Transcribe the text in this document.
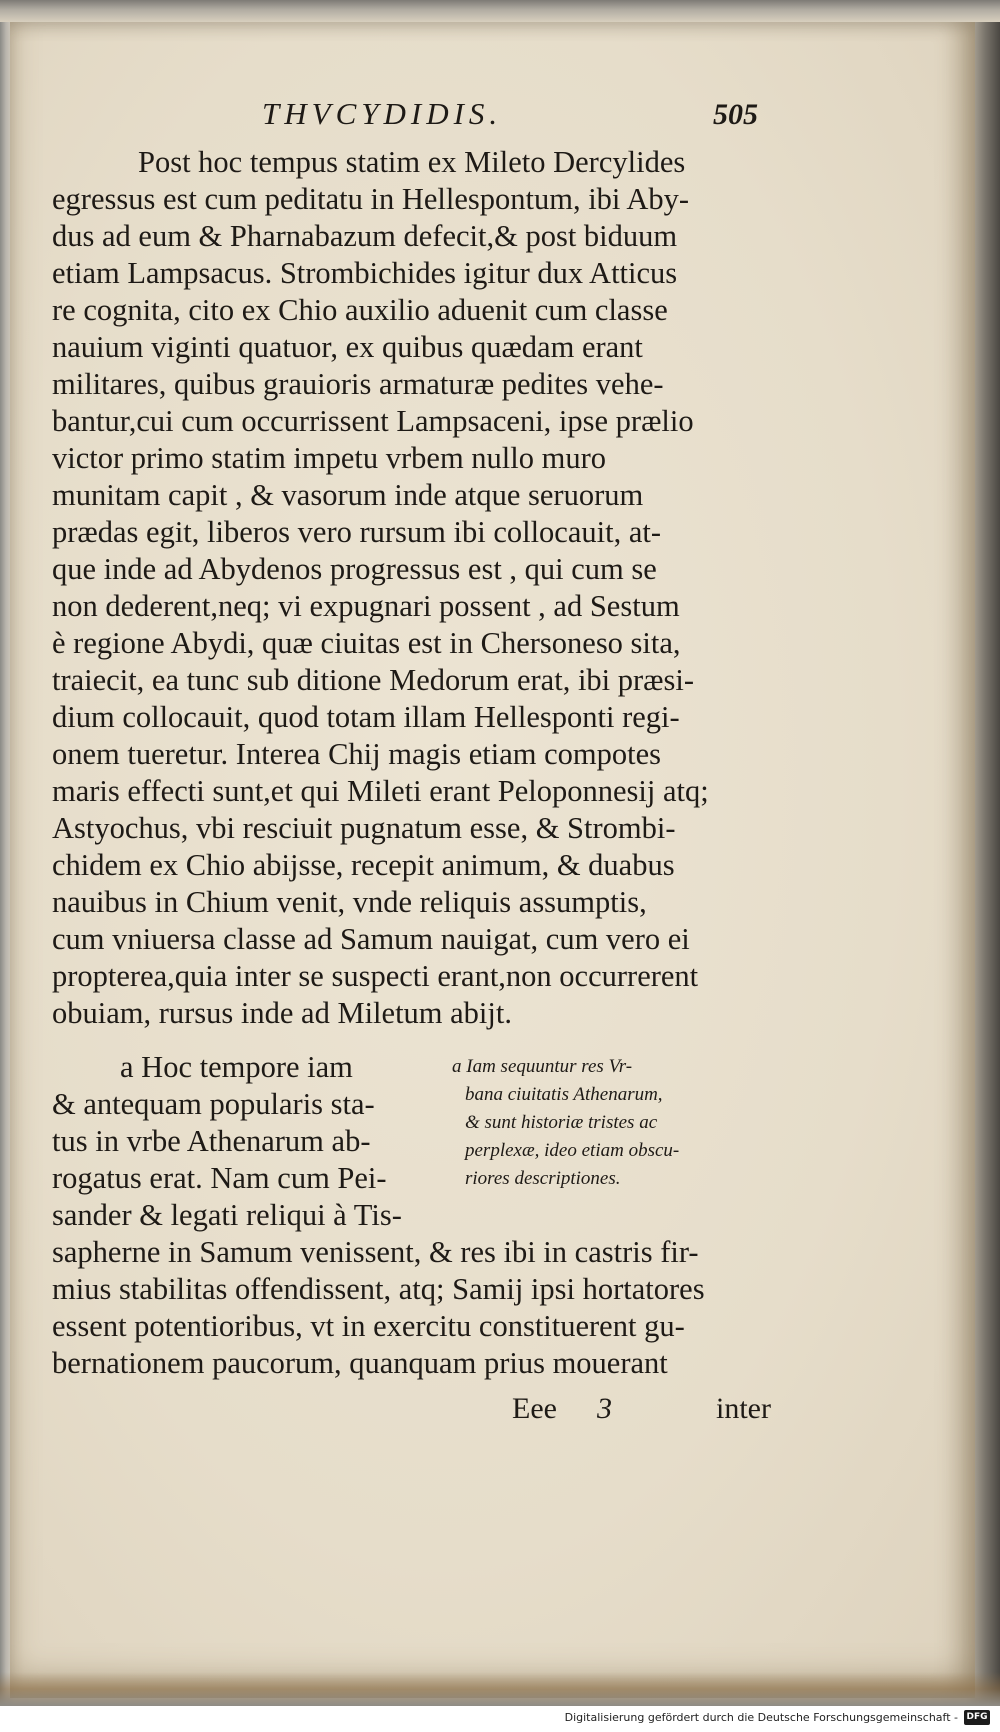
THVCYDIDIS.	505
Post hoc tempus statim ex Mileto Dercylides
egressus est cum peditatu in Hellespontum, ibi Aby-
dus ad eum & Pharnabazum defecit,& post biduum
etiam Lampsacus. Strombichides igitur dux Atticus
re cognita, cito ex Chio auxilio aduenit cum classe
nauium viginti quatuor, ex quibus quædam erant
militares, quibus grauioris armaturæ pedites vehe-
bantur,cui cum occurrissent Lampsaceni, ipse prælio
victor primo statim impetu vrbem nullo muro
munitam capit , & vasorum inde atque seruorum
prædas egit, liberos vero rursum ibi collocauit, at-
que inde ad Abydenos progressus est , qui cum se
non dederent,neq; vi expugnari possent , ad Sestum
è regione Abydi, quæ ciuitas est in Chersoneso sita,
traiecit, ea tunc sub ditione Medorum erat, ibi præsi-
dium collocauit, quod totam illam Hellesponti regi-
onem tueretur. Interea Chij magis etiam compotes
maris effecti sunt,et qui Mileti erant Peloponnesij atq;
Astyochus, vbi resciuit pugnatum esse, & Strombi-
chidem ex Chio abijsse, recepit animum, & duabus
nauibus in Chium venit, vnde reliquis assumptis,
cum vniuersa classe ad Samum nauigat, cum vero ei
propterea,quia inter se suspecti erant,non occurrerent
obuiam, rursus inde ad Miletum abijt.
a Hoc tempore iam
& antequam popularis sta-
tus in vrbe Athenarum ab-
rogatus erat. Nam cum Pei-
sander & legati reliqui à Tis-
a Iam sequuntur res Vr-
bana ciuitatis Athenarum,
& sunt historiæ tristes ac
perplexæ, ideo etiam obscu-
riores descriptiones.
sapherne in Samum venissent, & res ibi in castris fir-
mius stabilitas offendissent, atq; Samij ipsi hortatores
essent potentioribus, vt in exercitu constituerent gu-
bernationem paucorum, quanquam prius mouerant
Eee 3	inter
Digitalisierung gefördert durch die Deutsche Forschungsgemeinschaft - DFG
